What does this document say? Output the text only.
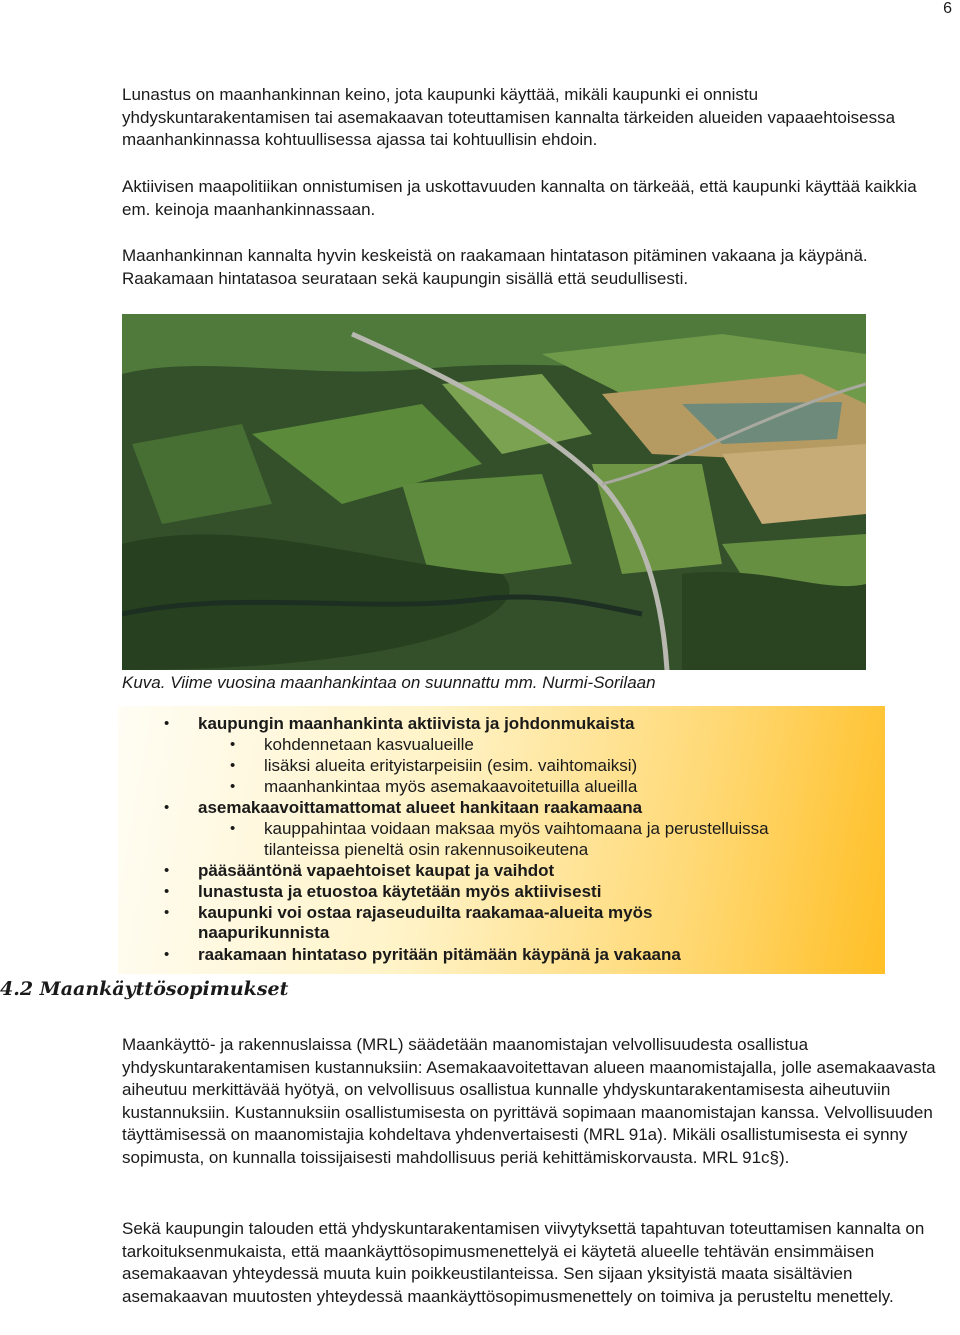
6

Lunastus on maanhankinnan keino, jota kaupunki käyttää, mikäli kaupunki ei onnistu yhdyskuntarakentamisen tai asemakaavan toteuttamisen kannalta tärkeiden alueiden vapaaehtoisessa maanhankinnassa kohtuullisessa ajassa tai kohtuullisin ehdoin.

Aktiivisen maapolitiikan onnistumisen ja uskottavuuden kannalta on tärkeää, että kaupunki käyttää kaikkia em. keinoja maanhankinnassaan.

Maanhankinnan kannalta hyvin keskeistä on raakamaan hintatason pitäminen vakaana ja käypänä. Raakamaan hintatasoa seurataan sekä kaupungin sisällä että seudullisesti.

Kuva. Viime vuosina maanhankintaa on suunnattu mm. Nurmi-Sorilaan

• kaupungin maanhankinta aktiivista ja johdonmukaista

• kohdennetaan kasvualueille

• lisäksi alueita erityistarpeisiin (esim. vaihtomaiksi)

• maanhankintaa myös asemakaavoitetuilla alueilla

• asemakaavoittamattomat alueet hankitaan raakamaana

• kauppahintaa voidaan maksaa myös vaihtomaana ja perustelluissa

tilanteissa pieneltä osin rakennusoikeutena

• pääsääntönä vapaehtoiset kaupat ja vaihdot

• lunastusta ja etuostoa käytetään myös aktiivisesti

• kaupunki voi ostaa rajaseuduilta raakamaa-alueita myös

naapurikunnista

• raakamaan hintataso pyritään pitämään käypänä ja vakaana

4.2 Maankäyttösopimukset

Maankäyttö- ja rakennuslaissa (MRL) säädetään maanomistajan velvollisuudesta osallistua yhdyskuntarakentamisen kustannuksiin: Asemakaavoitettavan alueen maanomistajalla, jolle asemakaavasta aiheutuu merkittävää hyötyä, on velvollisuus osallistua kunnalle yhdyskuntarakentamisesta aiheutuviin kustannuksiin. Kustannuksiin osallistumisesta on pyrittävä sopimaan maanomistajan kanssa. Velvollisuuden täyttämisessä on maanomistajia kohdeltava yhdenvertaisesti (MRL 91a). Mikäli osallistumisesta ei synny sopimusta, on kunnalla toissijaisesti mahdollisuus periä kehittämiskorvausta. MRL 91c§).

Sekä kaupungin talouden että yhdyskuntarakentamisen viivytyksettä tapahtuvan toteuttamisen kannalta on tarkoituksenmukaista, että maankäyttösopimusmenettelyä ei käytetä alueelle tehtävän ensimmäisen asemakaavan yhteydessä muuta kuin poikkeustilanteissa. Sen sijaan yksityistä maata sisältävien asemakaavan muutosten yhteydessä maankäyttösopimusmenettely on toimiva ja perusteltu menettely.
